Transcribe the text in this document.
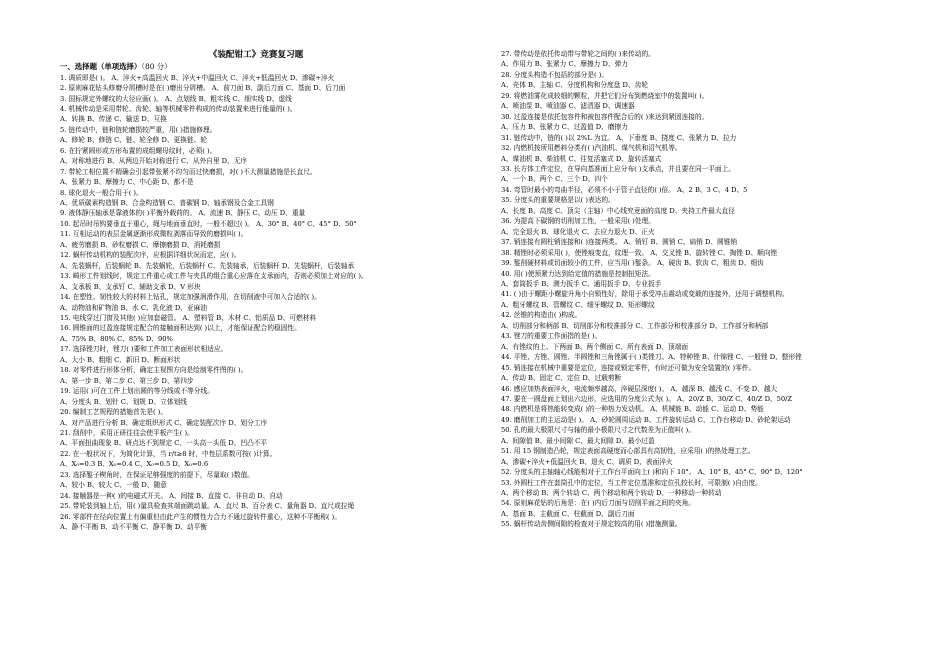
《装配钳工》竞赛复习题
一、选择题（单项选择）（80 分）
1. 调质即是( )。 A、淬火+高温回火 B、淬火+中温回火 C、淬火+低温回火 D、渗碳+淬火
2. 原则麻花钻头修磨分屑槽时是在( )磨出分屑槽。 A、前刀面 B、副后刀面 C、基面 D、后刀面
3. 国标规定外螺纹的大径应画( )。 A、点划线 B、粗实线 C、细实线 D、虚线
4. 机械传动是采用带轮、齿轮、轴等机械零件构成的传动装置来进行能量的( )。
A、转换 B、传递 C、输送 D、互换
5. 链传动中，链和链轮磨损较严重，用( )措施修理。
A、修轮 B、修链 C、链、轮全修 D、更换链、轮
6. 在拧紧圆形或方形布置的成组螺母纹时，必须( )。
A、对称地进行 B、从两边开始对称进行 C、从外自里 D、无序
7. 带轮工相位置不精确会引起带张紧不均匀而过快磨损，对( )不大测量措施是长直尺。
A、张紧力 B、摩擦力 C、中心距 D、都不是
8. 球化退火一般合用于( )。
A、优质碳素构造钢 B、合金构造钢 C、普碳钢 D、轴承钢及合金工具钢
9. 液体静压轴承是靠液体的( )平衡外载荷的。 A、流速 B、静压 C、动压 D、重量
10. 起吊时吊钩要垂直于重心，绳与地面垂直时，一般不超过( )。 A、30° B、40° C、45° D、50°
11. 互相运动的表层金属逐渐形成微粒剥落而导致的磨损叫( )。
A、疲劳磨损 B、砂粒磨损 C、摩擦磨损 D、消耗磨损
12. 蜗杆传动机构的装配次序，应根据详细状况而定，应( )。
A、先装蜗杆，后装蜗轮 B、先装蜗轮，后装蜗杆 C、先装轴承，后装蜗杆 D、先装蜗杆，后装轴承
13. 畸形工件划线时，规定工件重心或工件与夹具的组合重心应落在支承面内，否则必须加上对应的( )。
A、支承板 B、支承钉 C、辅助支承 D、V 形块
14. 在塑性、韧性较大的材料上钻孔，规定加强润滑作用，在切削液中可加入合适的( )。
A、动物油和矿物油 B、水 C、乳化液 D、亚麻油
15. 电线穿过门窗及其他( )应加套磁管。 A、塑料管 B、木材 C、铝质品 D、可燃材料
16. 圆锥面的过盈连接规定配合的接触面积达到( )以上，才能保证配合的稳固性。
A、75% B、80% C、85% D、90%
17. 选择锉刀时，锉刀( )要和工件加工表面形状相适应。
A、大小 B、粗细 C、新旧 D、断面形状
18. 对零件进行形体分析，确定主视图方向是绘制零件图的( )。
A、第一步 B、第二步 C、第三步 D、第四步
19. 运用( )可在工件上划出圆的等分线或不等分线。
A、分度头 B、划针 C、划规 D、立体划线
20. 编制工艺规程的措施首先是( )。
A、对产品进行分析 B、确定组织形式 C、确定装配次序 D、划分工序
21. 刮削中，采用正研往往会使平板产生( )。
A、平面扭曲现象 B、研点达不到规定 C、一头高一头低 D、凹凸不平
22. 在一般状况下，为简化计算，当 r/t≥8 时，中性层系数可按( )计算。
A、X₀=0.3 B、X₀=0.4 C、X₀=0.5 D、X₀=0.6
23. 选择錾子楔角时，在保证足够强度的前提下，尽量取( )数值。
A、较小 B、较大 C、一般 D、随意
24. 接触器是一种( )的电磁式开关。 A、间接 B、直接 C、非自动 D、自动
25. 带轮装到轴上后，用( )量具检查其端面跳动量。A、直尺 B、百分表 C、量角器 D、直尺或拉绳
26. 零部件在径向位置上有偏重但由此产生的惯性力合力不通过旋转件重心，这种不平衡称( )。
A、静不平衡 B、动不平衡 C、静平衡 D、动平衡
27. 带传动是依托传动带与带轮之间的( )来传动的。
A、作用力 B、张紧力 C、摩擦力 D、弹力
28. 分度头构造不包括的部分是( )。
A、壳体 B、主轴 C、分度机构和分度盘 D、齿轮
29. 将燃油雾化成较细的颗粒，并把它们分布到燃烧室中的装置叫( )。
A、喷油泵 B、喷油器 C、滤清器 D、调速器
30. 过盈连接是依托包容件和被包容件配合后的( )来达到紧固连接的。
A、压力 B、张紧力 C、过盈值 D、磨擦力
31. 链传动中，链的( )以 2%L 为宜。 A、下垂度 B、挠度 C、张紧力 D、拉力
32. 内燃机按所用燃料分类有( )汽油机、煤气机和沼气机等。
A、煤油机 B、柴油机 C、往复活塞式 D、旋转活塞式
33. 长方体工件定位，在导向基准面上应分布( )支承点，并且要在同一平面上。
A、一个 B、两个 C、三个 D、四个
34. 弯管时最小的弯曲半径，必须不小于管子直径的( )倍。 A、2 B、3 C、4 D、5
35. 分度头的重要规格是以( )表达的。
A、长度 B、高度 C、顶尖（主轴）中心线究竟面的高度 D、夹持工件最大直径
36. 为提高下碳钢的切削加工性，一般采用( )处理。
A、完全退火 B、球化退火 C、去应力退火 D、正火
37. 销连接有圆柱销连接和( )连接两类。 A、销钉 B、圆销 C、扁销 D、圆锥销
38. 精锉时必须采用( )，使锉痕变直，纹理一致。 A、交叉锉 B、旋转锉 C、掏锉 D、顺向锉
39. 錾削硬材料或切面较小的工件，应当用( )錾条。 A、硬齿 B、软齿 C、粗齿 D、细齿
40. 用( )使预紧力达到给定值的措施是控制扭矩法。
A、套筒扳手 B、测力扳手 C、通用扳手 D、专业扳手
41. ( )由于螺距小螺旋升角小自锁性好，除用于承受冲击震动或变载的连接外，还用于调整机构。
A、粗牙螺纹 B、管螺纹 C、细牙螺纹 D、矩形螺纹
42. 丝锥的构造由( )构成。
A、切削部分和柄部 B、切削部分和校准部分 C、工作部分和校准部分 D、工作部分和柄部
43. 锉刀的重要工作面指的是( )。
A、有锉纹的上、下两面 B、两个侧面 C、所有表面 D、顶端面
44. 平锉、方锉、圆锉、半圆锉和三角锉属于( )类锉刀。A、特种锉 B、什锦锉 C、一般锉 D、整形锉
45. 销连接在机械中重要是定位，连接或锁定零件，有时还可做为安全装置的( )零件。
A、传动 B、固定 C、定位 D、过载剪断
46. 感应加热表面淬火，电流频率越高，淬硬层深度( )。 A、越深 B、越浅 C、不变 D、越大
47. 要在一圆盘面上划出六边形，应选用的分度公式为( )。 A、20/Z B、30/Z C、40/Z D、50/Z
48. 内燃机是将热能转变成( )的一种热力发动机。 A、机械能 B、动能 C、运动 D、势能
49. 磨削加工的主运动是( )。 A、砂轮圆周运动 B、工件旋转运动 C、工作台移动 D、砂轮架运动
50. 孔的最大极限尺寸与轴的最小极限尺寸之代数差为正值叫( )。
A、间隙值 B、最小间隙 C、最大间隙 D、最小过盈
51. 用 15 钢制造凸轮，规定表面高硬度而心部具有高韧性，应采用( )的热处理工艺。
A、渗碳+淬火+低温回火 B、退火 C、调质 D、表面淬火
52. 分度头的主轴轴心线能相对于工作台平面向上( )和向下 10°。 A、10° B、45° C、90° D、120°
53. 外圆柱工件在套筒孔中的定位，当工件定位基准和定位孔较长时，可限制( )自由度。
A、两个移动 B、两个转动 C、两个移动和两个转动 D、一种移动一种转动
54. 原则麻花钻的后角是：在( )内后刀面与切削平面之间的夹角。
A、基面 B、主截面 C、柱截面 D、副后刀面
55. 蜗杆传动齿侧间隙的检查对于规定较高的用( )措施测量。
